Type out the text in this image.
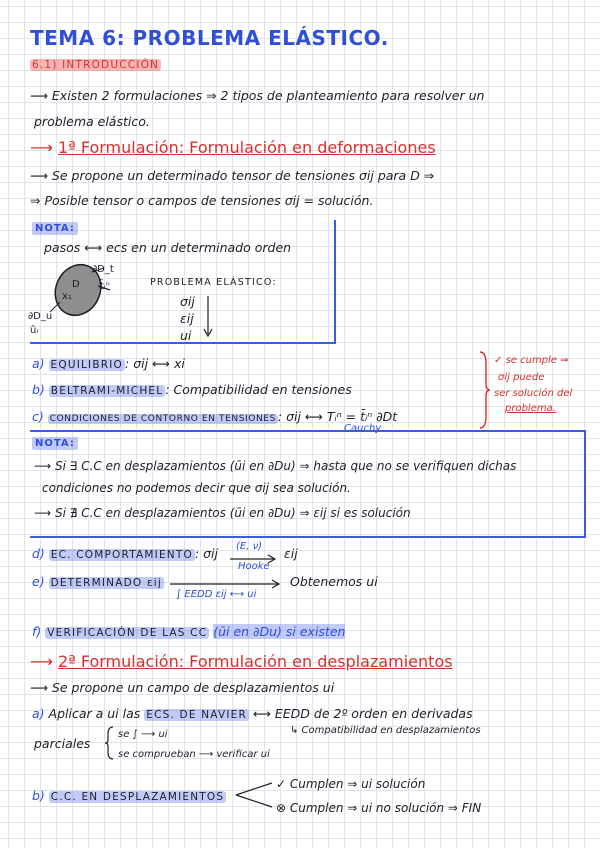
TEMA 6: PROBLEMA ELÁSTICO.
6.1) INTRODUCCIÓN
⟶ Existen 2 formulaciones ⇒ 2 tipos de planteamiento para resolver un
problema elástico.
⟶ 1ª Formulación: Formulación en deformaciones
⟶ Se propone un determinado tensor de tensiones σij para D ⇒
⇒ Posible tensor o campos de tensiones σij = solución.
NOTA:
pasos ⟷ ecs en un determinado orden
D
x₁
∂D_t
t̄ᵢⁿ
∂D_u
ūᵢ
PROBLEMA ELÁSTICO:
σij
εij
ui
a) EQUILIBRIO : σij ⟷ xi
b) BELTRAMI-MICHEL : Compatibilidad en tensiones
c) CONDICIONES DE CONTORNO EN TENSIONES : σij ⟷ Tᵢⁿ = t̄ᵢⁿ ∂Dt
Cauchy
✓ se cumple ⇒
σij puede
ser solución del
problema.
NOTA:
⟶ Si ∃ C.C en desplazamientos (ūi en ∂Du) ⇒ hasta que no se verifiquen dichas
condiciones no podemos decir que σij sea solución.
⟶ Si ∄ C.C en desplazamientos (ūi en ∂Du) ⇒ εij si es solución
d) EC. COMPORTAMIENTO : σij (E, ν)
Hooke
εij
e) DETERMINADO εij
∫ EEDD εij ⟷ ui
Obtenemos ui
f) VERIFICACIÓN DE LAS CC (ūi en ∂Du) si existen
⟶ 2ª Formulación: Formulación en desplazamientos
⟶ Se propone un campo de desplazamientos ui
a) Aplicar a ui las ECS. DE NAVIER ⟷ EEDD de 2º orden en derivadas
↳ Compatibilidad en desplazamientos
parciales
se ∫ ⟶ ui
se comprueban ⟶ verificar ui
b) C.C. EN DESPLAZAMIENTOS
✓ Cumplen ⇒ ui solución
⊗ Cumplen ⇒ ui no solución ⇒ FIN
